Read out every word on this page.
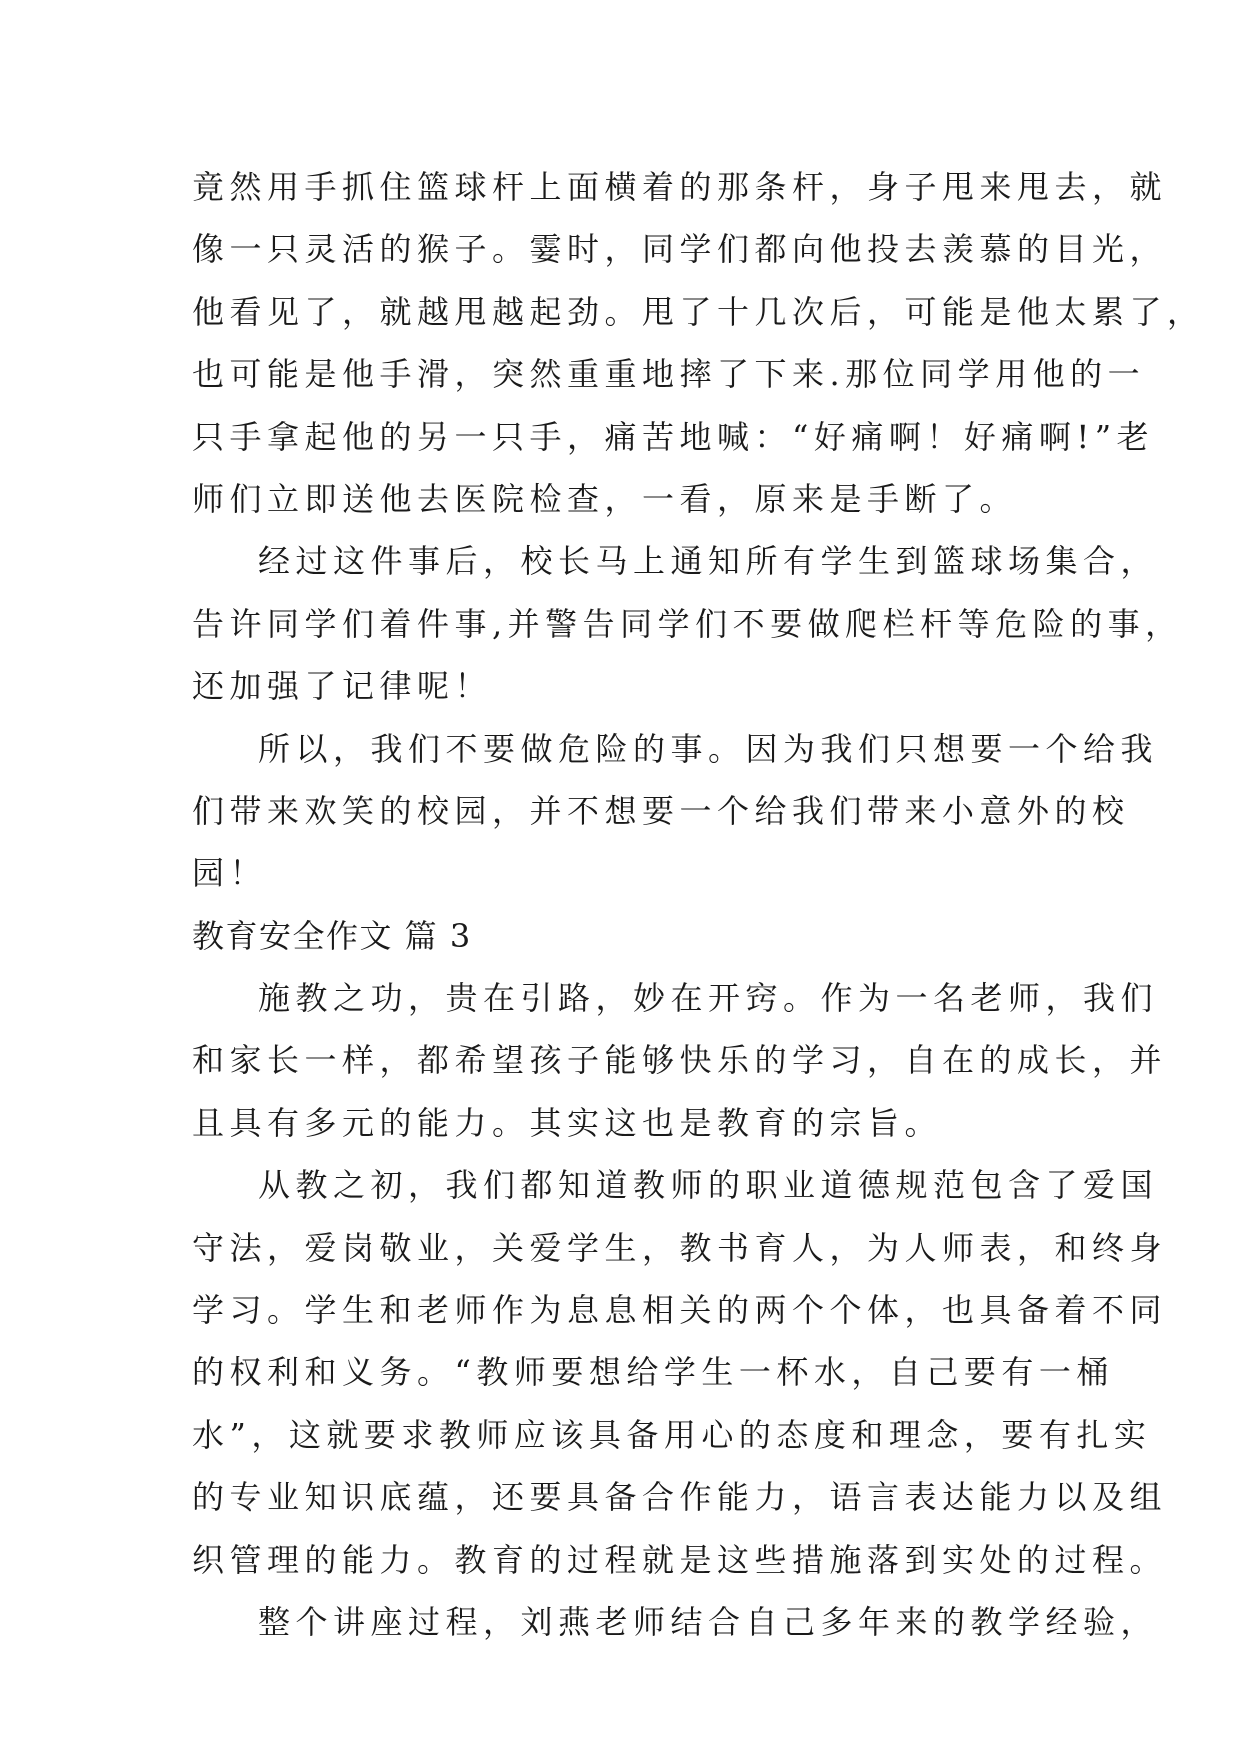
竟然用手抓住篮球杆上面横着的那条杆，身子甩来甩去，就
像一只灵活的猴子。霎时，同学们都向他投去羡慕的目光，
他看见了，就越甩越起劲。甩了十几次后，可能是他太累了，
也可能是他手滑，突然重重地摔了下来.那位同学用他的一
只手拿起他的另一只手，痛苦地喊：“好痛啊！好痛啊!”老
师们立即送他去医院检查，一看，原来是手断了。
经过这件事后，校长马上通知所有学生到篮球场集合，
告许同学们着件事,并警告同学们不要做爬栏杆等危险的事，
还加强了记律呢！
所以，我们不要做危险的事。因为我们只想要一个给我
们带来欢笑的校园，并不想要一个给我们带来小意外的校
园！
教育安全作文 篇 3
施教之功，贵在引路，妙在开窍。作为一名老师，我们
和家长一样，都希望孩子能够快乐的学习，自在的成长，并
且具有多元的能力。其实这也是教育的宗旨。
从教之初，我们都知道教师的职业道德规范包含了爱国
守法，爱岗敬业，关爱学生，教书育人，为人师表，和终身
学习。学生和老师作为息息相关的两个个体，也具备着不同
的权利和义务。“教师要想给学生一杯水，自己要有一桶
水”，这就要求教师应该具备用心的态度和理念，要有扎实
的专业知识底蕴，还要具备合作能力，语言表达能力以及组
织管理的能力。教育的过程就是这些措施落到实处的过程。
整个讲座过程，刘燕老师结合自己多年来的教学经验，
